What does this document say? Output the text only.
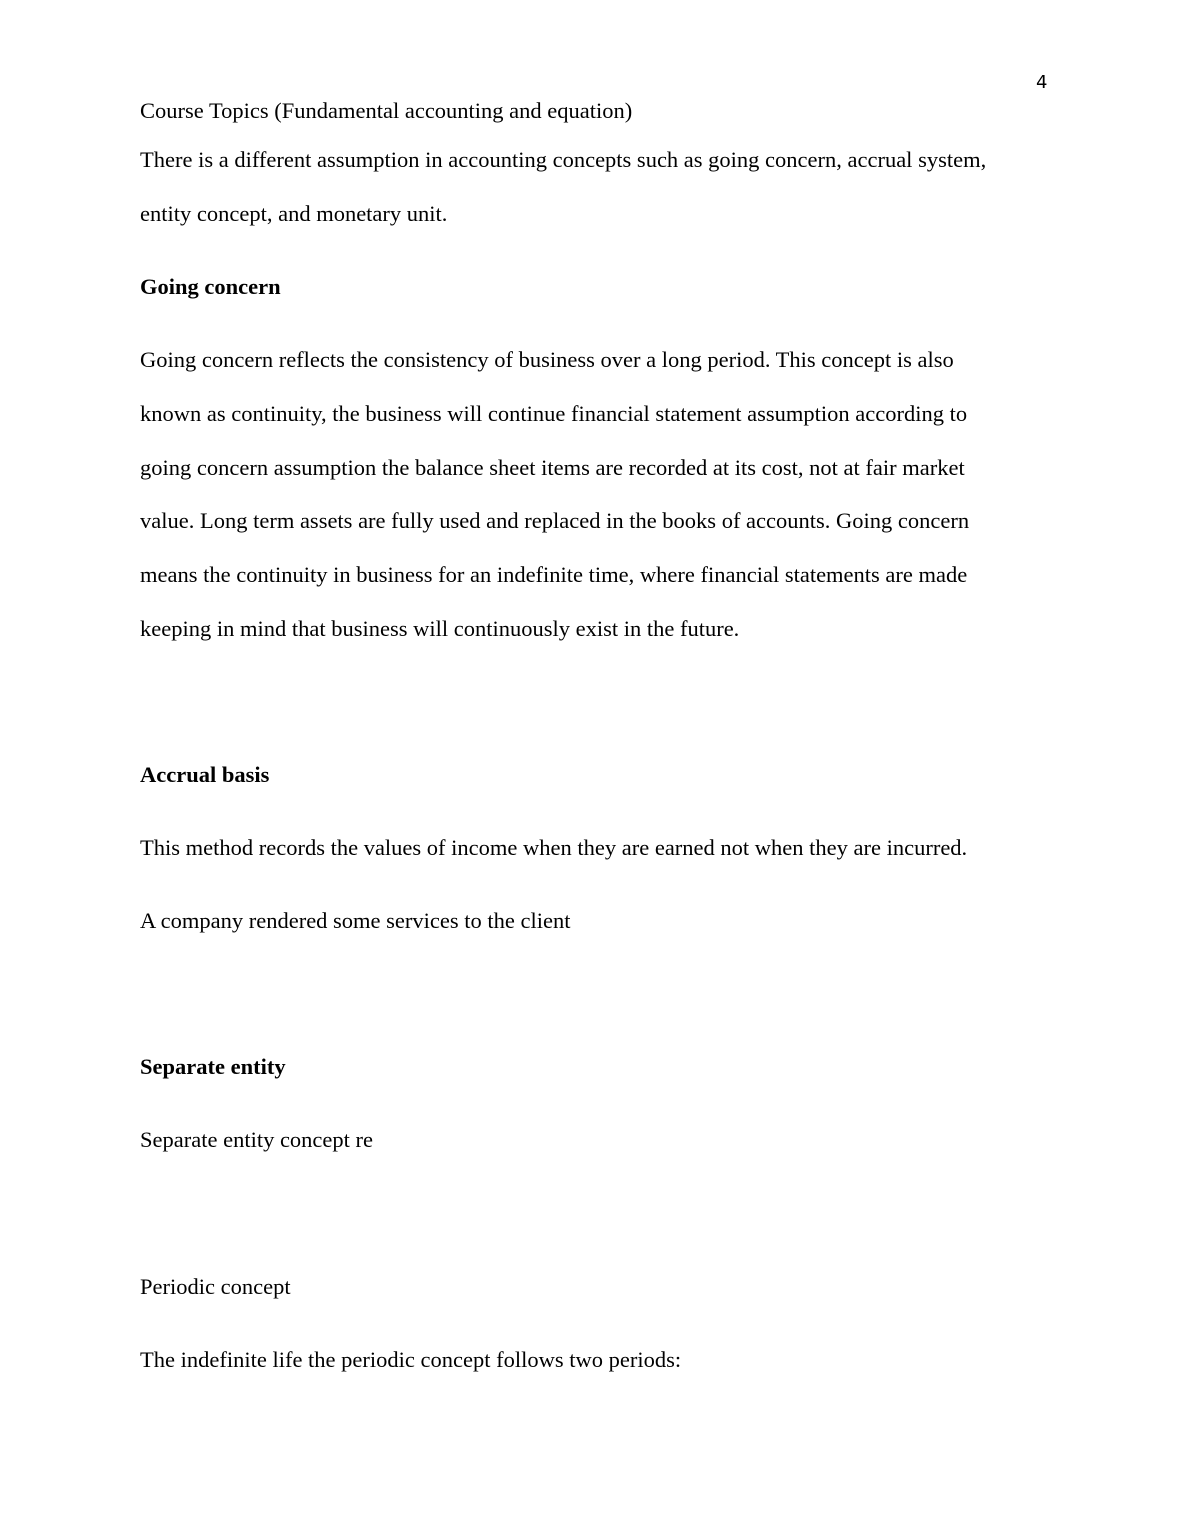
4
Course Topics (Fundamental accounting and equation)
There is a different assumption in accounting concepts such as going concern, accrual system,
entity concept, and monetary unit.
Going concern
Going concern reflects the consistency of business over a long period. This concept is also
known as continuity, the business will continue financial statement assumption according to
going concern assumption the balance sheet items are recorded at its cost, not at fair market
value. Long term assets are fully used and replaced in the books of accounts. Going concern
means the continuity in business for an indefinite time, where financial statements are made
keeping in mind that business will continuously exist in the future.
Accrual basis
This method records the values of income when they are earned not when they are incurred.
A company rendered some services to the client
Separate entity
Separate entity concept re
Periodic concept
The indefinite life the periodic concept follows two periods:
